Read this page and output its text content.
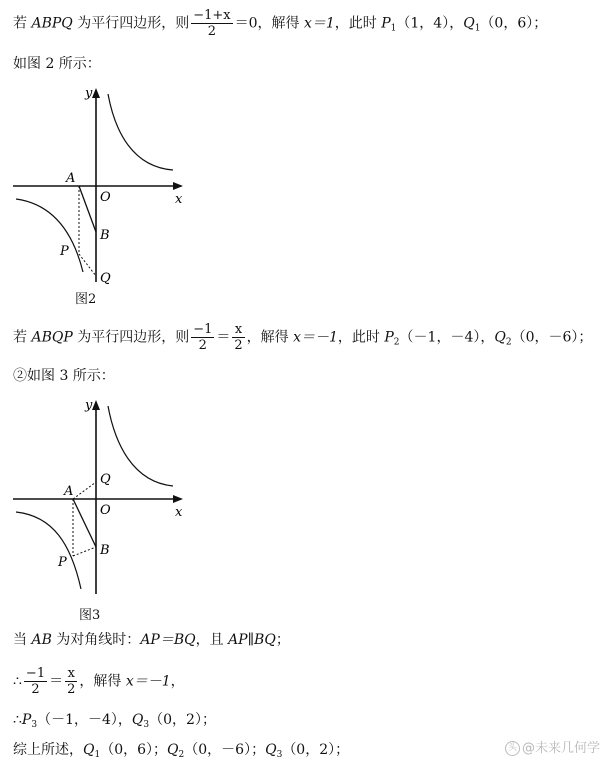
若 ABPQ 为平行四边形，则 $\frac{-1+x}{2} =0$，解得 x＝1，此时 $P_1(1$，4），$Q_1(0$，6）；
如图 2 所示：
y
x
O
A
B
P
Q
图2
若 ABQP 为平行四边形，则 $\frac{-1}{2} = \frac{x}{2}$ ，解得 x＝－1，此时 $P_2(-1$，－4），$Q_2(0$，－6）；
②如图 3 所示：
y
x
O
A
B
P
Q
图3
当 AB 为对角线时：AP＝BQ，且 AP∥BQ；
∴ $\frac{-1}{2} = \frac{x}{2}$ ，解得 x＝－1，
$\therefore P_3(-1$，－4），$Q_3(0$，2）；
综上所述，$Q_1(0$，6）；$Q_2(0$，－6）；$Q_3(0$，2）；	头 @未来几何学
